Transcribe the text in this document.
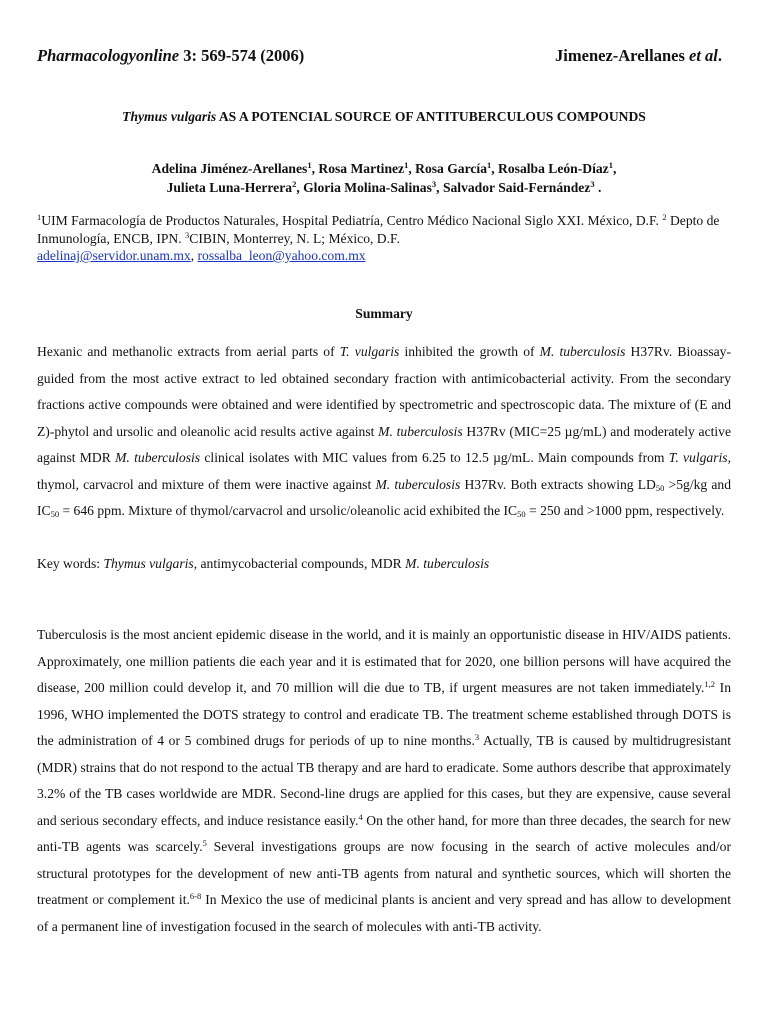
Pharmacologyonline 3: 569-574 (2006)	Jimenez-Arellanes et al.
Thymus vulgaris AS A POTENCIAL SOURCE OF ANTITUBERCULOUS COMPOUNDS
Adelina Jiménez-Arellanes$^1$, Rosa Martinez$^1$, Rosa García$^1$, Rosalba León-Díaz$^1$,
Julieta Luna-Herrera$^2$, Gloria Molina-Salinas$^3$, Salvador Said-Fernández$^3$ .
$^1$UIM Farmacología de Productos Naturales, Hospital Pediatría, Centro Médico Nacional Siglo XXI. México, D.F. $^2$ Depto de Inmunología, ENCB, IPN. $^3$CIBIN, Monterrey, N. L; México, D.F.
adelinaj@servidor.unam.mx, rossalba_leon@yahoo.com.mx
Summary
Hexanic and methanolic extracts from aerial parts of T. vulgaris inhibited the growth of M. tuberculosis H37Rv. Bioassay-guided from the most active extract to led obtained secondary fraction with antimicobacterial activity. From the secondary fractions active compounds were obtained and were identified by spectrometric and spectroscopic data. The mixture of (E and Z)-phytol and ursolic and oleanolic acid results active against M. tuberculosis H37Rv (MIC=25 µg/mL) and moderately active against MDR M. tuberculosis clinical isolates with MIC values from 6.25 to 12.5 µg/mL. Main compounds from T. vulgaris, thymol, carvacrol and mixture of them were inactive against M. tuberculosis H37Rv. Both extracts showing $LD_{50} >5g/kg$ and $IC_{50} = 646$ ppm. Mixture of thymol/carvacrol and ursolic/oleanolic acid exhibited the $IC_{50} = 250$ and >1000 ppm, respectively.
Key words: Thymus vulgaris, antimycobacterial compounds, MDR M. tuberculosis
Tuberculosis is the most ancient epidemic disease in the world, and it is mainly an opportunistic disease in HIV/AIDS patients. Approximately, one million patients die each year and it is estimated that for 2020, one billion persons will have acquired the disease, 200 million could develop it, and 70 million will die due to TB, if urgent measures are not taken immediately.$^{1,2}$ In 1996, WHO implemented the DOTS strategy to control and eradicate TB. The treatment scheme established through DOTS is the administration of 4 or 5 combined drugs for periods of up to nine months.$^3$ Actually, TB is caused by multidrugresistant (MDR) strains that do not respond to the actual TB therapy and are hard to eradicate. Some authors describe that approximately 3.2% of the TB cases worldwide are MDR. Second-line drugs are applied for this cases, but they are expensive, cause several and serious secondary effects, and induce resistance easily.$^4$ On the other hand, for more than three decades, the search for new anti-TB agents was scarcely.$^5$ Several investigations groups are now focusing in the search of active molecules and/or structural prototypes for the development of new anti-TB agents from natural and synthetic sources, which will shorten the treatment or complement it.$^{6-8}$ In Mexico the use of medicinal plants is ancient and very spread and has allow to development of a permanent line of investigation focused in the search of molecules with anti-TB activity.
